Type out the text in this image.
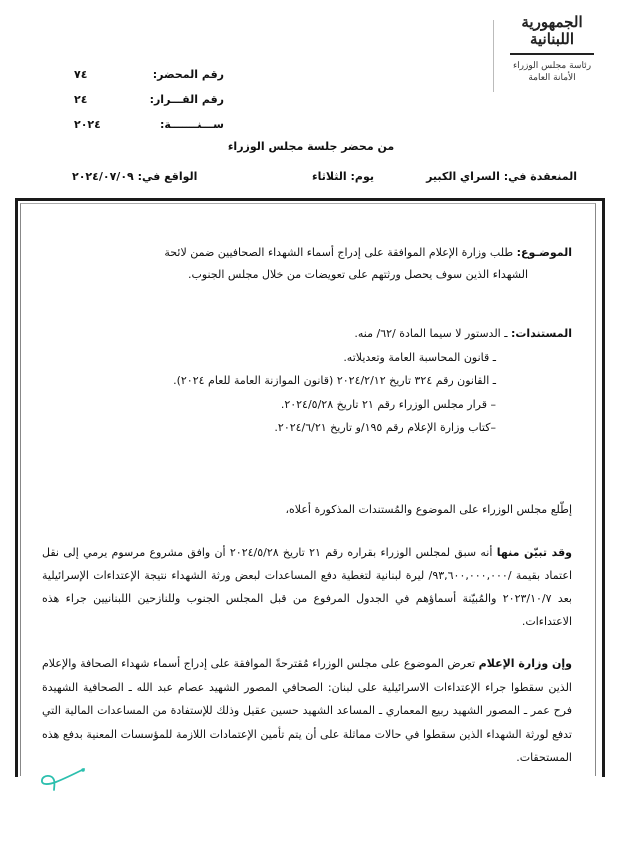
الجمهورية
اللبنانية
رئاسة مجلس الوزراء
الأمانة العامة
رقم المحضر:
٧٤
رقم القـــرار:
٢٤
ســـنـــــــة:
٢٠٢٤
من محضر جلسة مجلس الوزراء
المنعقدة في: السراي الكبير
يوم: الثلاثاء
الواقع في: ٢٠٢٤/٠٧/٠٩
الموضـوع: طلب وزارة الإعلام الموافقة على إدراج أسماء الشهداء الصحافيين ضمن لائحة
الشهداء الذين سوف يحصل ورثتهم على تعويضات من خلال مجلس الجنوب.
المستندات: ـ الدستور لا سيما المادة /٦٢/ منه.
ـ قانون المحاسبة العامة وتعديلاته.
ـ القانون رقم ٣٢٤ تاريخ ٢٠٢٤/٢/١٢ (قانون الموازنة العامة للعام ٢٠٢٤).
– قرار مجلس الوزراء رقم ٢١ تاريخ ٢٠٢٤/٥/٢٨.
–كتاب وزارة الإعلام رقم ١٩٥/و تاريخ ٢٠٢٤/٦/٢١.
إطّلع مجلس الوزراء على الموضوع والمُستندات المذكورة أعلاه،

وقد تبيّن منها أنه سبق لمجلس الوزراء بقراره رقم ٢١ تاريخ ٢٠٢٤/٥/٢٨ أن وافق مشروع مرسوم يرمي إلى نقل اعتماد بقيمة /٩٣,٦٠٠,٠٠٠,٠٠٠/ ليرة لبنانية لتغطية دفع المساعدات لبعض ورثة الشهداء نتيجة الإعتداءات الإسرائيلية بعد ٢٠٢٣/١٠/٧ والمُبيّنة أسماؤهم في الجدول المرفوع من قبل المجلس الجنوب وللنازحين اللبنانيين جراء هذه الاعتداءات.

وإن وزارة الإعلام تعرض الموضوع على مجلس الوزراء مُقترحةً الموافقة على إدراج أسماء شهداء الصحافة والإعلام الذين سقطوا جراء الإعتداءات الاسرائيلية على لبنان: الصحافي المصور الشهيد عصام عبد الله ـ الصحافية الشهيدة فرح عمر ـ المصور الشهيد ربيع المعماري ـ المساعد الشهيد حسين عقيل وذلك للإستفادة من المساعدات المالية التي تدفع لورثة الشهداء الذين سقطوا في حالات مماثلة على أن يتم تأمين الإعتمادات اللازمة للمؤسسات المعنية بدفع هذه المستحقات.
